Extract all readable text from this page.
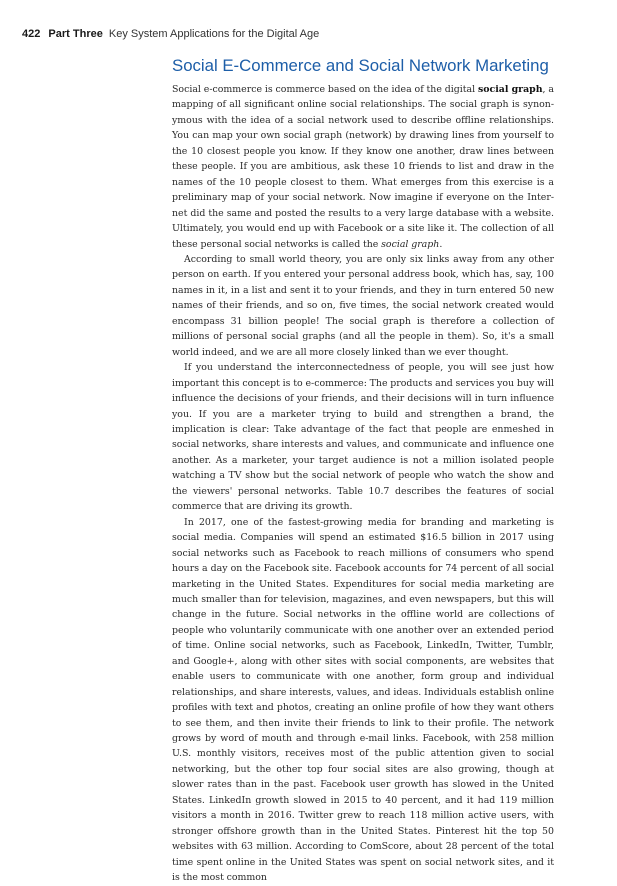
422 Part Three Key System Applications for the Digital Age
Social E-Commerce and Social Network Marketing

Social e-commerce is commerce based on the idea of the digital social graph, a mapping of all significant online social relationships. The social graph is synonymous with the idea of a social network used to describe offline relationships. You can map your own social graph (network) by drawing lines from yourself to the 10 closest people you know. If they know one another, draw lines between these people. If you are ambitious, ask these 10 friends to list and draw in the names of the 10 people closest to them. What emerges from this exercise is a preliminary map of your social network. Now imagine if everyone on the Internet did the same and posted the results to a very large database with a website. Ultimately, you would end up with Facebook or a site like it. The collection of all these personal social networks is called the social graph.

According to small world theory, you are only six links away from any other person on earth. If you entered your personal address book, which has, say, 100 names in it, in a list and sent it to your friends, and they in turn entered 50 new names of their friends, and so on, five times, the social network created would encompass 31 billion people! The social graph is therefore a collection of millions of personal social graphs (and all the people in them). So, it's a small world indeed, and we are all more closely linked than we ever thought.

If you understand the interconnectedness of people, you will see just how important this concept is to e-commerce: The products and services you buy will influence the decisions of your friends, and their decisions will in turn influence you. If you are a marketer trying to build and strengthen a brand, the implication is clear: Take advantage of the fact that people are enmeshed in social networks, share interests and values, and communicate and influence one another. As a marketer, your target audience is not a million isolated people watching a TV show but the social network of people who watch the show and the viewers' personal networks. Table 10.7 describes the features of social commerce that are driving its growth.

In 2017, one of the fastest-growing media for branding and marketing is social media. Companies will spend an estimated $16.5 billion in 2017 using social networks such as Facebook to reach millions of consumers who spend hours a day on the Facebook site. Facebook accounts for 74 percent of all social marketing in the United States. Expenditures for social media marketing are much smaller than for television, magazines, and even newspapers, but this will change in the future. Social networks in the offline world are collections of people who voluntarily communicate with one another over an extended period of time. Online social networks, such as Facebook, LinkedIn, Twitter, Tumblr, and Google+, along with other sites with social components, are websites that enable users to communicate with one another, form group and individual relationships, and share interests, values, and ideas. Individuals establish online profiles with text and photos, creating an online profile of how they want others to see them, and then invite their friends to link to their profile. The network grows by word of mouth and through e-mail links. Facebook, with 258 million U.S. monthly visitors, receives most of the public attention given to social networking, but the other top four social sites are also growing, though at slower rates than in the past. Facebook user growth has slowed in the United States. LinkedIn growth slowed in 2015 to 40 percent, and it had 119 million visitors a month in 2016. Twitter grew to reach 118 million active users, with stronger offshore growth than in the United States. Pinterest hit the top 50 websites with 63 million. According to ComScore, about 28 percent of the total time spent online in the United States was spent on social network sites, and it is the most common
